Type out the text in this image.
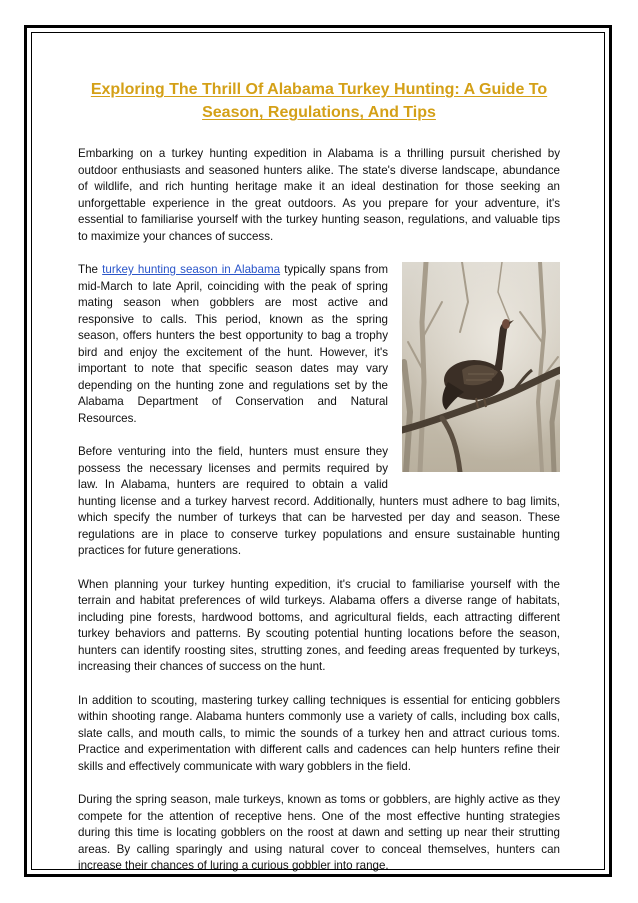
Exploring The Thrill Of Alabama Turkey Hunting: A Guide To Season, Regulations, And Tips

Embarking on a turkey hunting expedition in Alabama is a thrilling pursuit cherished by outdoor enthusiasts and seasoned hunters alike. The state's diverse landscape, abundance of wildlife, and rich hunting heritage make it an ideal destination for those seeking an unforgettable experience in the great outdoors. As you prepare for your adventure, it's essential to familiarise yourself with the turkey hunting season, regulations, and valuable tips to maximize your chances of success.

The turkey hunting season in Alabama typically spans from mid-March to late April, coinciding with the peak of spring mating season when gobblers are most active and responsive to calls. This period, known as the spring season, offers hunters the best opportunity to bag a trophy bird and enjoy the excitement of the hunt. However, it's important to note that specific season dates may vary depending on the hunting zone and regulations set by the Alabama Department of Conservation and Natural Resources.

Before venturing into the field, hunters must ensure they possess the necessary licenses and permits required by law. In Alabama, hunters are required to obtain a valid hunting license and a turkey harvest record. Additionally, hunters must adhere to bag limits, which specify the number of turkeys that can be harvested per day and season. These regulations are in place to conserve turkey populations and ensure sustainable hunting practices for future generations.

When planning your turkey hunting expedition, it's crucial to familiarise yourself with the terrain and habitat preferences of wild turkeys. Alabama offers a diverse range of habitats, including pine forests, hardwood bottoms, and agricultural fields, each attracting different turkey behaviors and patterns. By scouting potential hunting locations before the season, hunters can identify roosting sites, strutting zones, and feeding areas frequented by turkeys, increasing their chances of success on the hunt.

In addition to scouting, mastering turkey calling techniques is essential for enticing gobblers within shooting range. Alabama hunters commonly use a variety of calls, including box calls, slate calls, and mouth calls, to mimic the sounds of a turkey hen and attract curious toms. Practice and experimentation with different calls and cadences can help hunters refine their skills and effectively communicate with wary gobblers in the field.

During the spring season, male turkeys, known as toms or gobblers, are highly active as they compete for the attention of receptive hens. One of the most effective hunting strategies during this time is locating gobblers on the roost at dawn and setting up near their strutting areas. By calling sparingly and using natural cover to conceal themselves, hunters can increase their chances of luring a curious gobbler into range.
